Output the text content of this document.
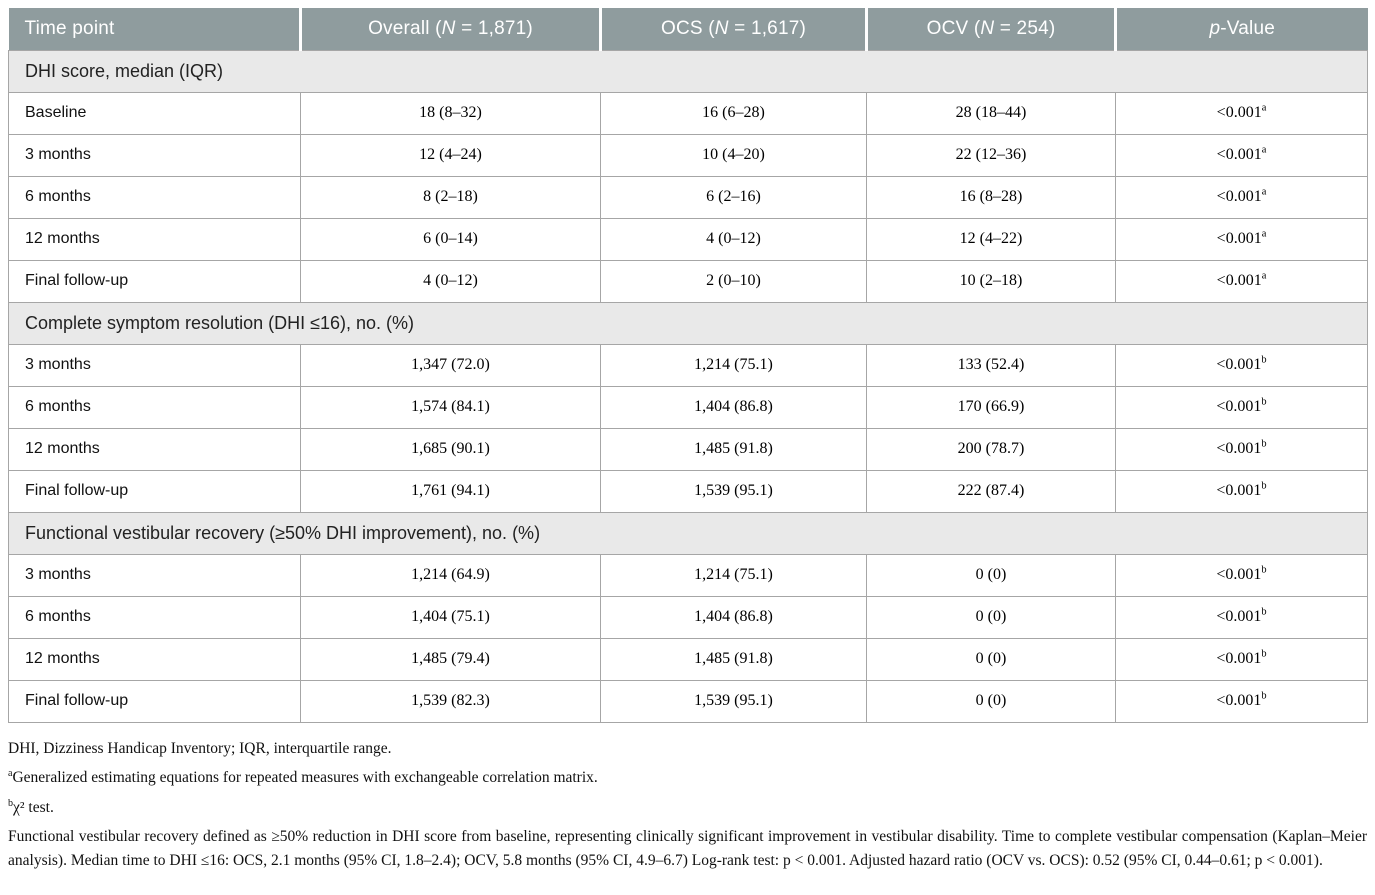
Time point	Overall (N = 1,871)	OCS (N = 1,617)	OCV (N = 254)	p-Value
DHI score, median (IQR)				
Baseline	18 (8–32)	16 (6–28)	28 (18–44)	<0.001$^a$
3 months	12 (4–24)	10 (4–20)	22 (12–36)	<0.001$^a$
6 months	8 (2–18)	6 (2–16)	16 (8–28)	<0.001$^a$
12 months	6 (0–14)	4 (0–12)	12 (4–22)	<0.001$^a$
Final follow-up	4 (0–12)	2 (0–10)	10 (2–18)	<0.001$^a$
Complete symptom resolution (DHI ≤16), no. (%)				
3 months	1,347 (72.0)	1,214 (75.1)	133 (52.4)	<0.001$^b$
6 months	1,574 (84.1)	1,404 (86.8)	170 (66.9)	<0.001$^b$
12 months	1,685 (90.1)	1,485 (91.8)	200 (78.7)	<0.001$^b$
Final follow-up	1,761 (94.1)	1,539 (95.1)	222 (87.4)	<0.001$^b$
Functional vestibular recovery (≥50% DHI improvement), no. (%)				
3 months	1,214 (64.9)	1,214 (75.1)	0 (0)	<0.001$^b$
6 months	1,404 (75.1)	1,404 (86.8)	0 (0)	<0.001$^b$
12 months	1,485 (79.4)	1,485 (91.8)	0 (0)	<0.001$^b$
Final follow-up	1,539 (82.3)	1,539 (95.1)	0 (0)	<0.001$^b$
DHI, Dizziness Handicap Inventory; IQR, interquartile range.
$^a$Generalized estimating equations for repeated measures with exchangeable correlation matrix.
$^b$χ² test.
Functional vestibular recovery defined as ≥50% reduction in DHI score from baseline, representing clinically significant improvement in vestibular disability. Time to complete vestibular compensation (Kaplan–Meier analysis). Median time to DHI ≤16: OCS, 2.1 months (95% CI, 1.8–2.4); OCV, 5.8 months (95% CI, 4.9–6.7) Log-rank test: p < 0.001. Adjusted hazard ratio (OCV vs. OCS): 0.52 (95% CI, 0.44–0.61; p < 0.001).
